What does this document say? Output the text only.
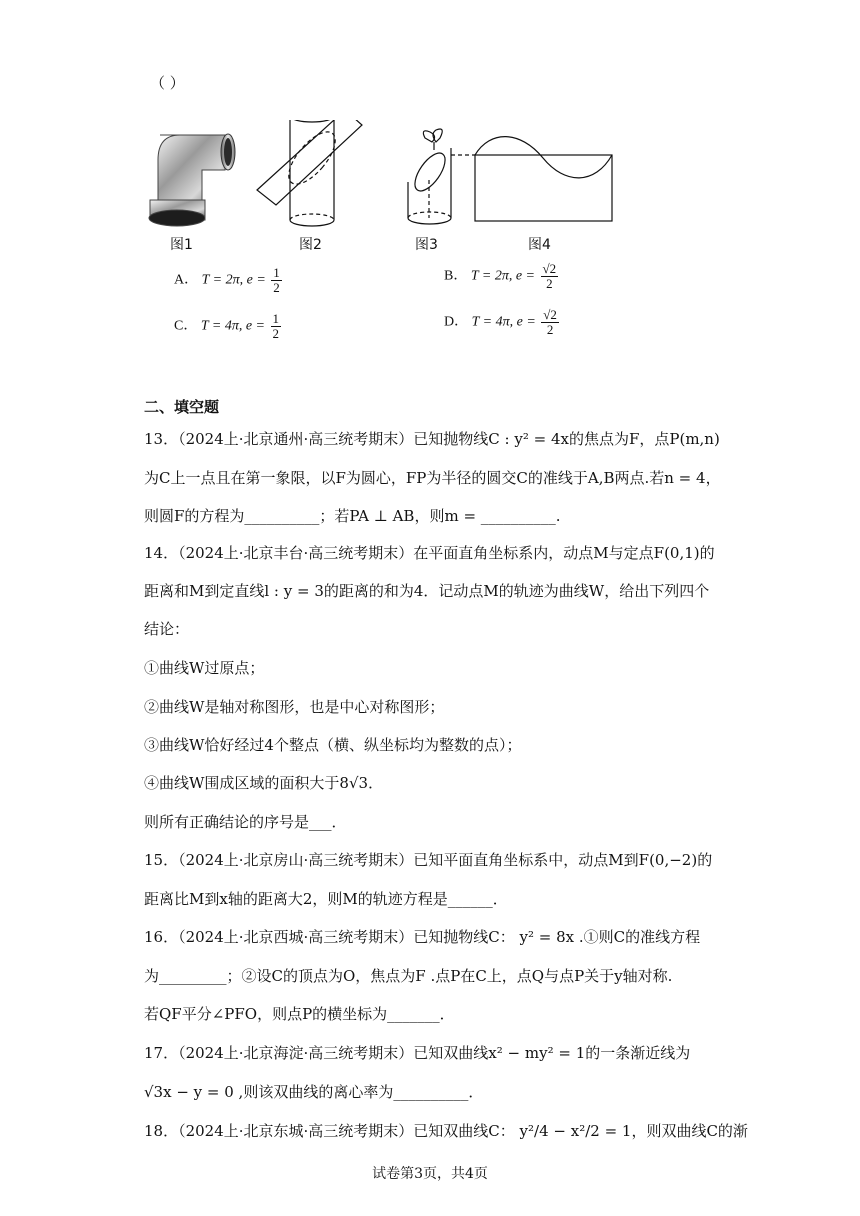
（ ）
图1	图2	图3	图4
A． T = 2π, $e = \frac{1}{2}$	B． T = 2π, $e = \frac{√2}{2}$
C． T = 4π, $e = \frac{1}{2}$	D． T = 4π, $e = \frac{√2}{2}$
二、填空题
13．（2024上·北京通州·高三统考期末）已知抛物线C : y² = 4x的焦点为F，点P(m,n)
为C上一点且在第一象限，以F为圆心，FP为半径的圆交C的准线于A,B两点.若n = 4，
则圆F的方程为__________；若PA ⊥ AB，则m = __________.
14．（2024上·北京丰台·高三统考期末）在平面直角坐标系内，动点M与定点F(0,1)的
距离和M到定直线l : y = 3的距离的和为4．记动点M的轨迹为曲线W，给出下列四个
结论：
①曲线W过原点；
②曲线W是轴对称图形，也是中心对称图形；
③曲线W恰好经过4个整点（横、纵坐标均为整数的点）；
④曲线W围成区域的面积大于8√3．
则所有正确结论的序号是___．
15．（2024上·北京房山·高三统考期末）已知平面直角坐标系中，动点M到F(0,−2)的
距离比M到x轴的距离大2，则M的轨迹方程是______．
16．（2024上·北京西城·高三统考期末）已知抛物线C： y² = 8x .①则C的准线方程
为_________；②设C的顶点为O，焦点为F .点P在C上，点Q与点P关于y轴对称.
若QF平分∠PFO，则点P的横坐标为_______．
17．（2024上·北京海淀·高三统考期末）已知双曲线x² − my² = 1的一条渐近线为
√3x − y = 0 ,则该双曲线的离心率为__________．
18．（2024上·北京东城·高三统考期末）已知双曲线C： y²/4 − x²/2 = 1，则双曲线C的渐
试卷第3页，共4页
